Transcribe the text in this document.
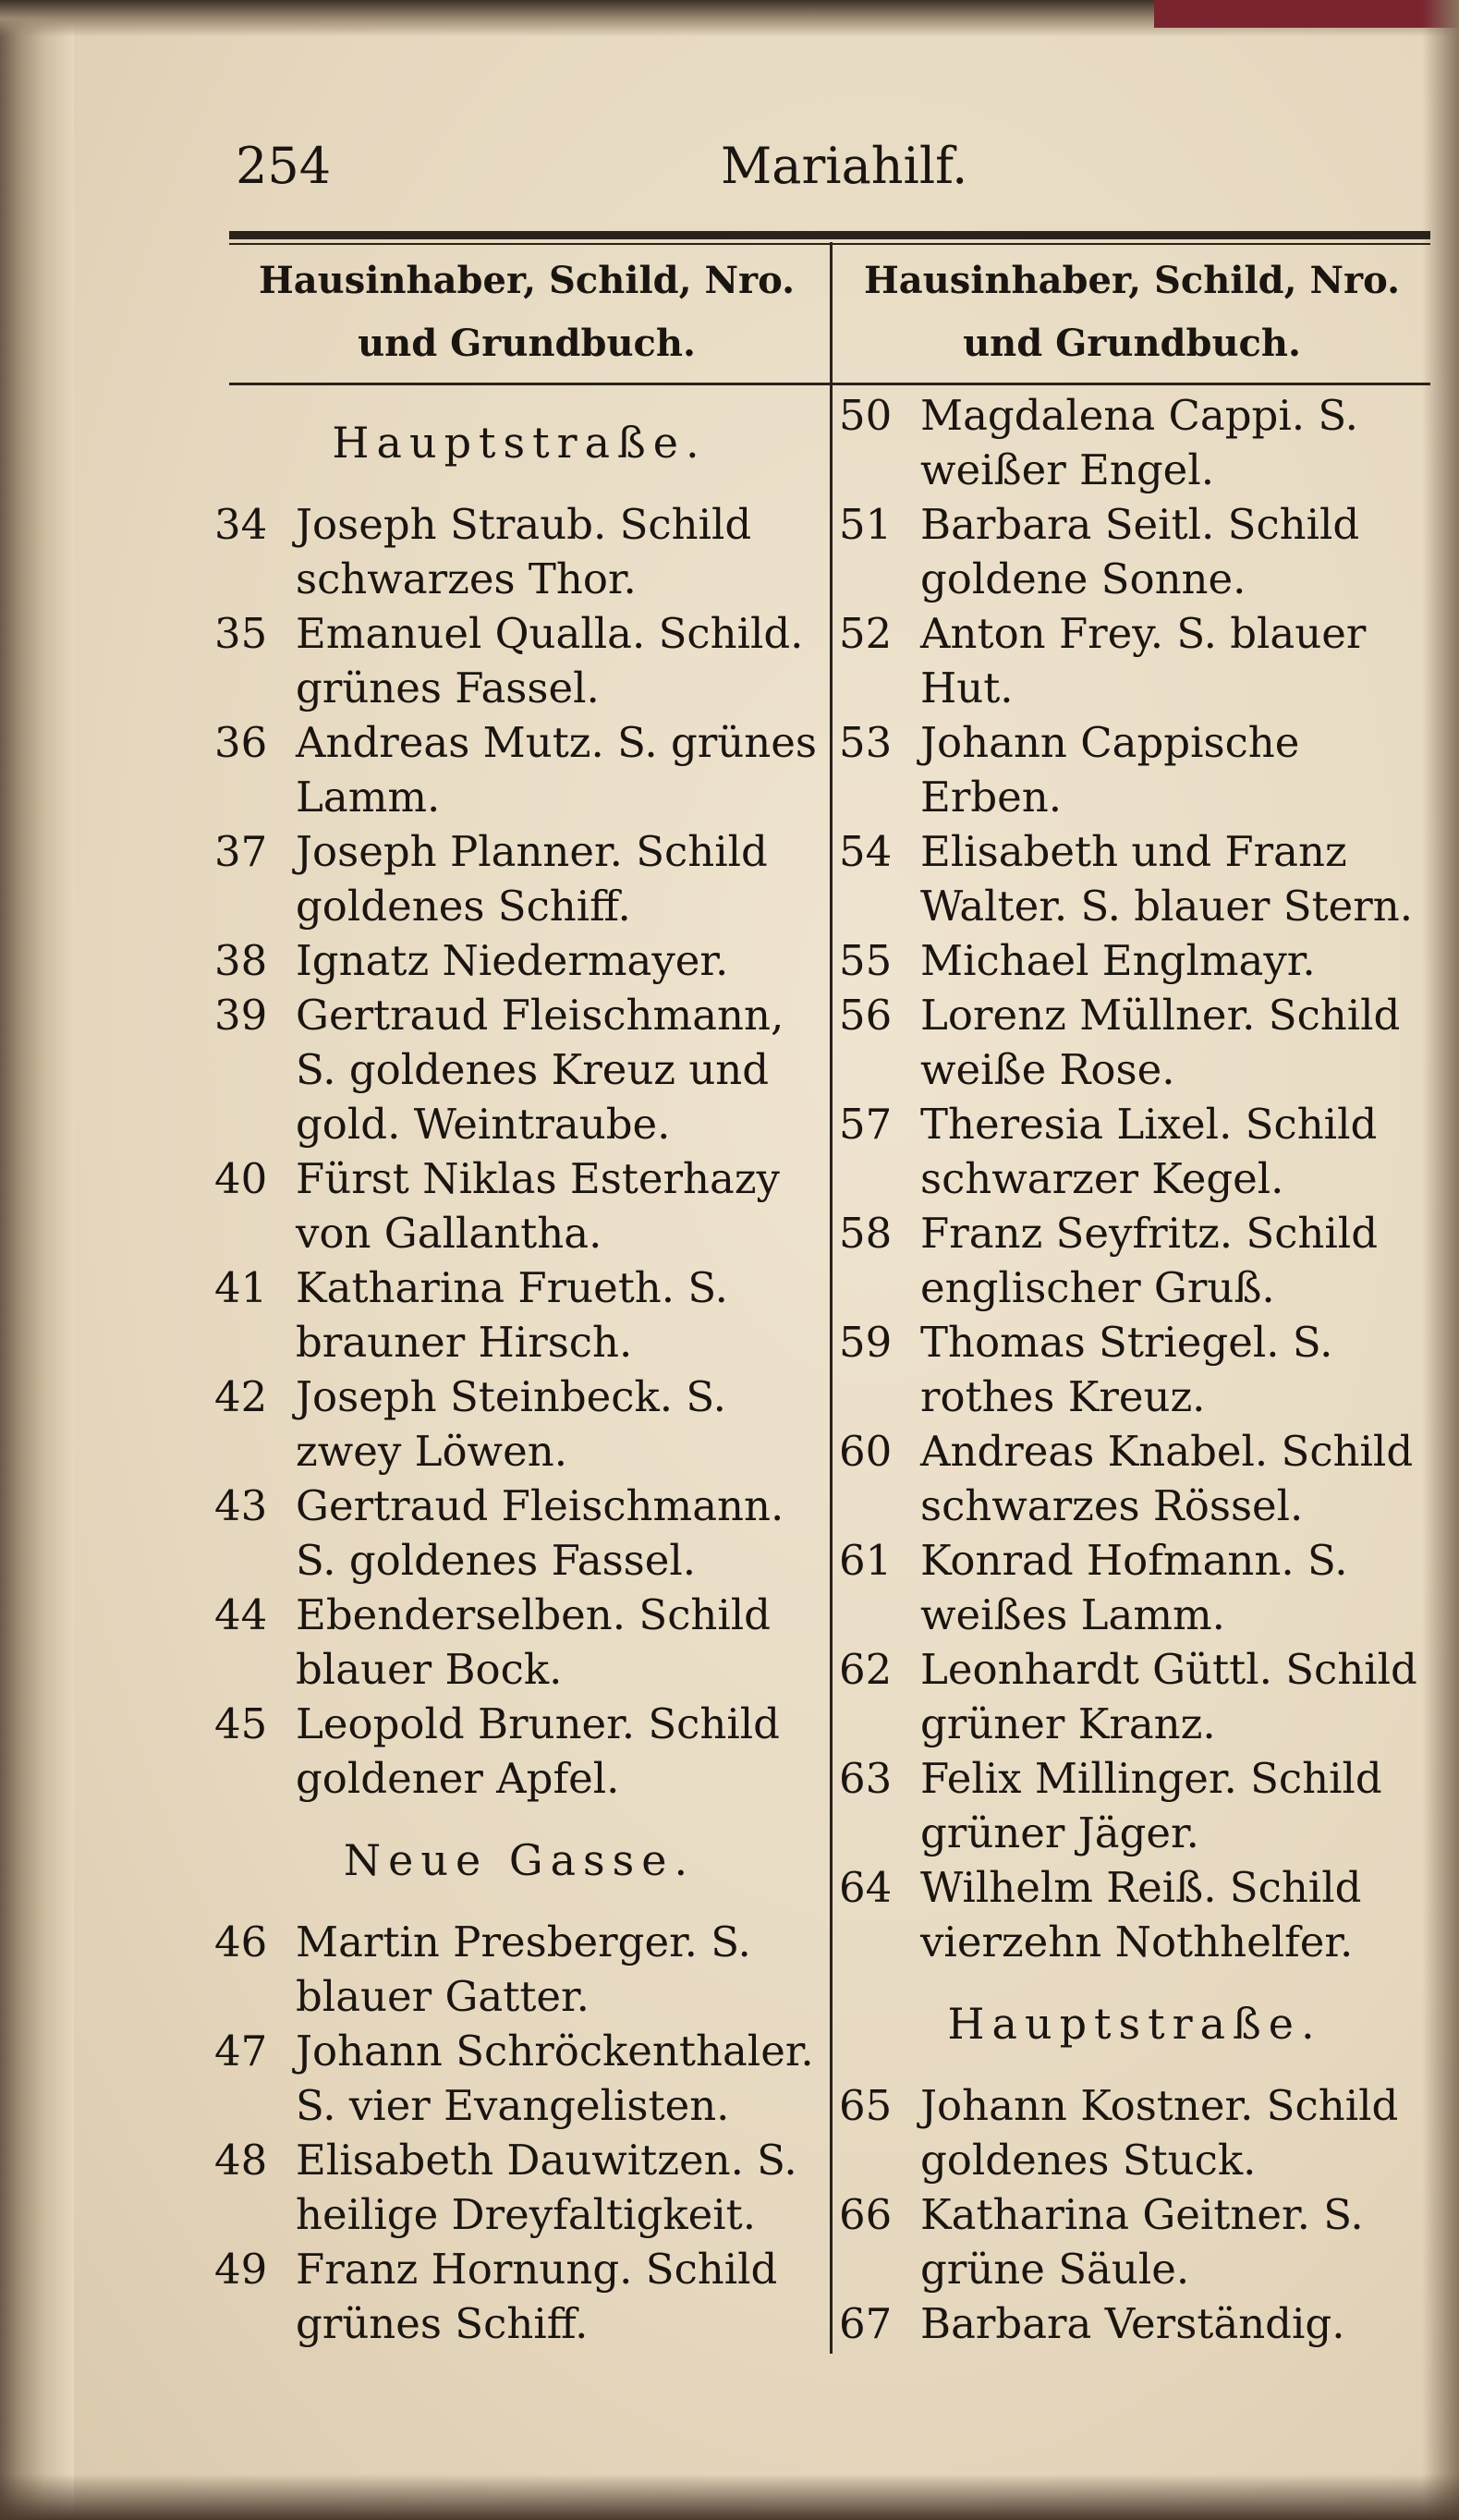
254	Mariahilf.
Hausinhaber, Schild, Nro. und Grundbuch.
Hausinhaber, Schild, Nro. und Grundbuch.
Hauptstraße.
34 Joseph Straub. Schild schwarzes Thor.
35 Emanuel Qualla. Schild. grünes Fassel.
36 Andreas Mutz. S. grünes Lamm.
37 Joseph Planner. Schild goldenes Schiff.
38 Ignatz Niedermayer.
39 Gertraud Fleischmann, S. goldenes Kreuz und gold. Weintraube.
40 Fürst Niklas Esterhazy von Gallantha.
41 Katharina Frueth. S. brauner Hirsch.
42 Joseph Steinbeck. S. zwey Löwen.
43 Gertraud Fleischmann. S. goldenes Fassel.
44 Ebenderselben. Schild blauer Bock.
45 Leopold Bruner. Schild goldener Apfel.
Neue Gasse.
46 Martin Presberger. S. blauer Gatter.
47 Johann Schröckenthaler. S. vier Evangelisten.
48 Elisabeth Dauwitzen. S. heilige Dreyfaltigkeit.
49 Franz Hornung. Schild grünes Schiff.
50 Magdalena Cappi. S. weißer Engel.
51 Barbara Seitl. Schild goldene Sonne.
52 Anton Frey. S. blauer Hut.
53 Johann Cappische Erben.
54 Elisabeth und Franz Walter. S. blauer Stern.
55 Michael Englmayr.
56 Lorenz Müllner. Schild weiße Rose.
57 Theresia Lixel. Schild schwarzer Kegel.
58 Franz Seyfritz. Schild englischer Gruß.
59 Thomas Striegel. S. rothes Kreuz.
60 Andreas Knabel. Schild schwarzes Rössel.
61 Konrad Hofmann. S. weißes Lamm.
62 Leonhardt Güttl. Schild grüner Kranz.
63 Felix Millinger. Schild grüner Jäger.
64 Wilhelm Reiß. Schild vierzehn Nothhelfer.
Hauptstraße.
65 Johann Kostner. Schild goldenes Stuck.
66 Katharina Geitner. S. grüne Säule.
67 Barbara Verständig.
